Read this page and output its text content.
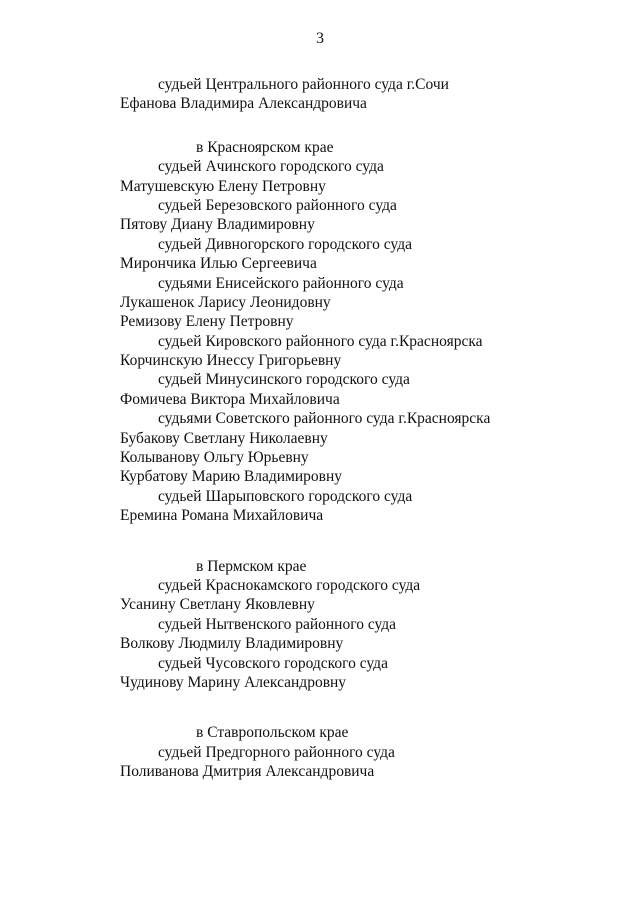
3
судьей Центрального районного суда г.Сочи
Ефанова Владимира Александровича
в Красноярском крае
судьей Ачинского городского суда
Матушевскую Елену Петровну
судьей Березовского районного суда
Пятову Диану Владимировну
судьей Дивногорского городского суда
Мирончика Илью Сергеевича
судьями Енисейского районного суда
Лукашенок Ларису Леонидовну
Ремизову Елену Петровну
судьей Кировского районного суда г.Красноярска
Корчинскую Инессу Григорьевну
судьей Минусинского городского суда
Фомичева Виктора Михайловича
судьями Советского районного суда г.Красноярска
Бубакову Светлану Николаевну
Колыванову Ольгу Юрьевну
Курбатову Марию Владимировну
судьей Шарыповского городского суда
Еремина Романа Михайловича
в Пермском крае
судьей Краснокамского городского суда
Усанину Светлану Яковлевну
судьей Нытвенского районного суда
Волкову Людмилу Владимировну
судьей Чусовского городского суда
Чудинову Марину Александровну
в Ставропольском крае
судьей Предгорного районного суда
Поливанова Дмитрия Александровича
